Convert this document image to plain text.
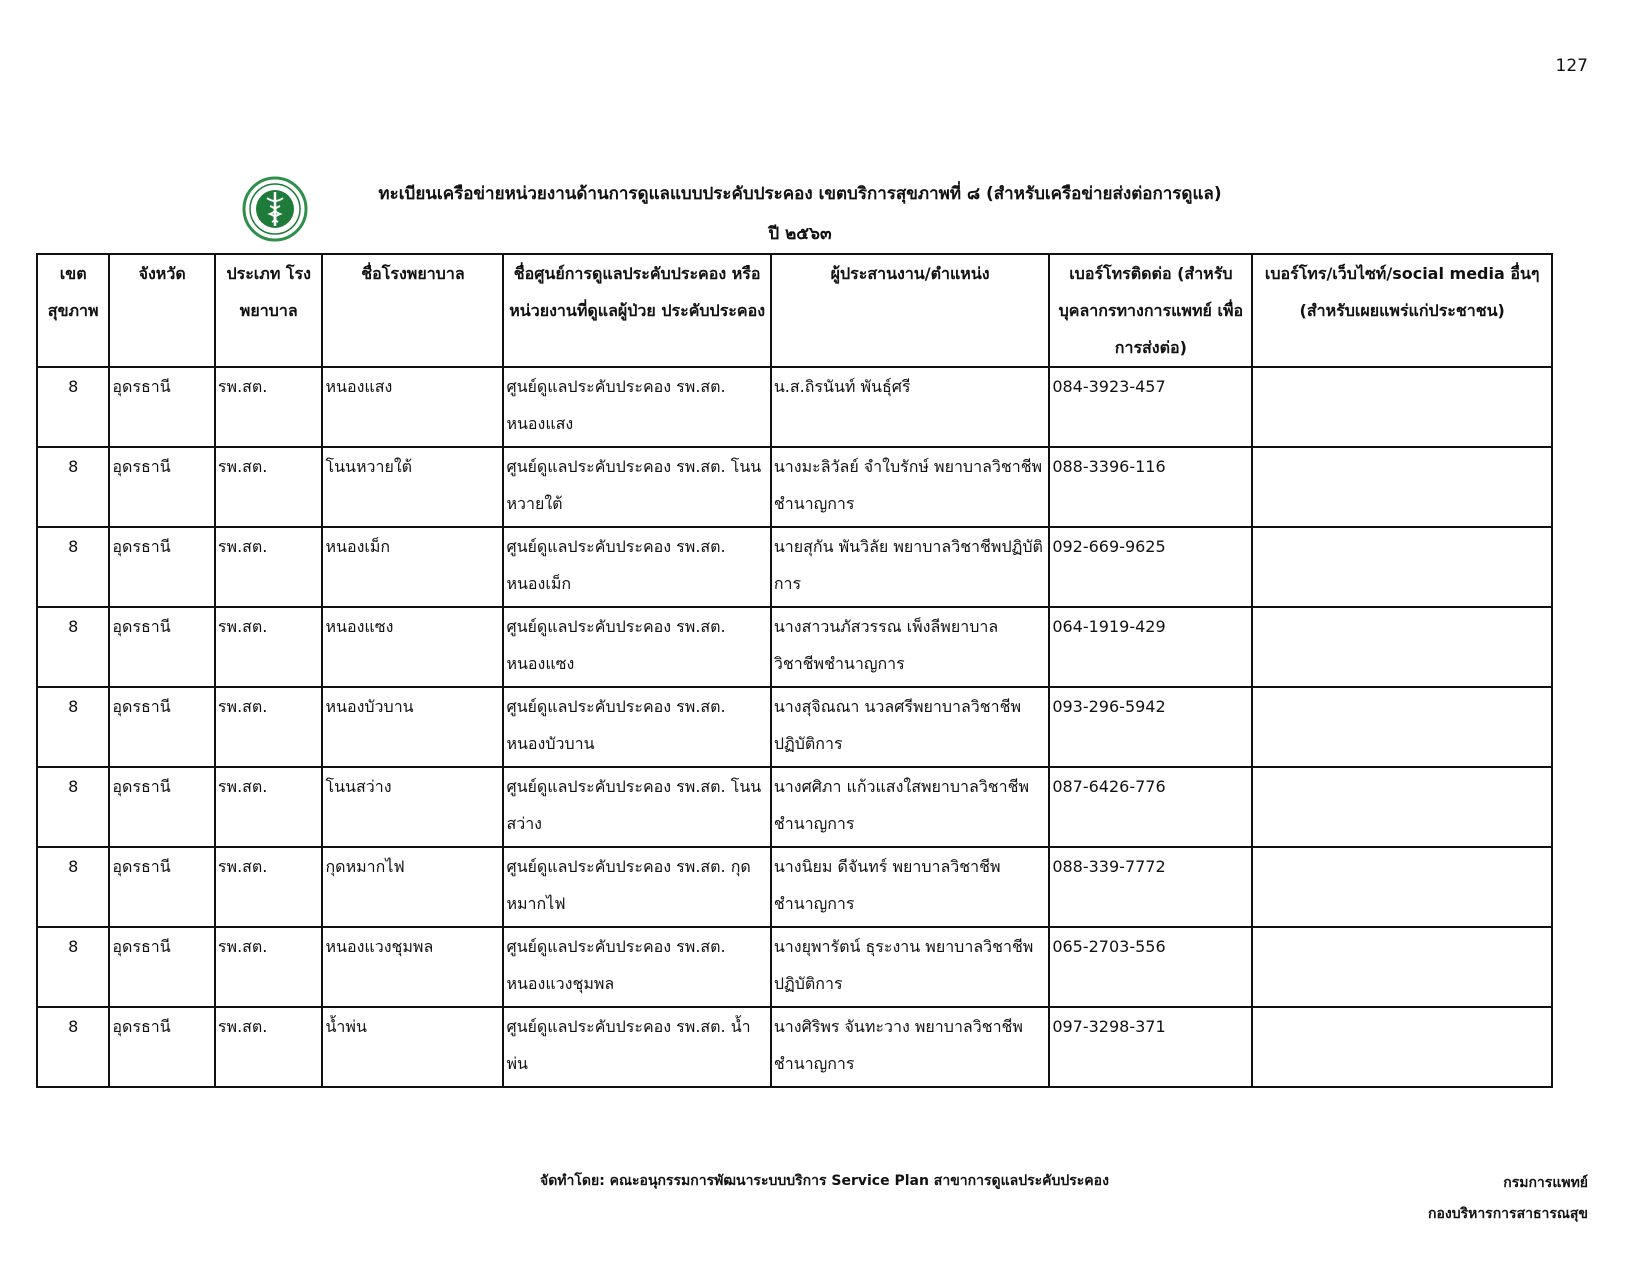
127
ทะเบียนเครือข่ายหน่วยงานด้านการดูแลแบบประคับประคอง เขตบริการสุขภาพที่ ๘ (สำหรับเครือข่ายส่งต่อการดูแล)
ปี ๒๕๖๓
เขต สุขภาพ	จังหวัด	ประเภท โรงพยาบาล	ชื่อโรงพยาบาล	ชื่อศูนย์การดูแลประคับประคอง หรือ หน่วยงานที่ดูแลผู้ป่วย ประคับประคอง	ผู้ประสานงาน/ตำแหน่ง	เบอร์โทรติดต่อ (สำหรับ บุคลากรทางการแพทย์ เพื่อการส่งต่อ)	เบอร์โทร/เว็บไซท์/social media อื่นๆ (สำหรับเผยแพร่แก่ประชาชน)
8	อุดรธานี	รพ.สต.	หนองแสง	ศูนย์ดูแลประคับประคอง รพ.สต. หนองแสง	น.ส.ถิรนันท์ พันธุ์ศรี	084-3923-457	
8	อุดรธานี	รพ.สต.	โนนหวายใต้	ศูนย์ดูแลประคับประคอง รพ.สต. โนนหวายใต้	นางมะลิวัลย์ จำใบรักษ์ พยาบาลวิชาชีพชำนาญการ	088-3396-116	
8	อุดรธานี	รพ.สต.	หนองเม็ก	ศูนย์ดูแลประคับประคอง รพ.สต. หนองเม็ก	นายสุกัน พันวิลัย พยาบาลวิชาชีพปฏิบัติการ	092-669-9625	
8	อุดรธานี	รพ.สต.	หนองแซง	ศูนย์ดูแลประคับประคอง รพ.สต. หนองแซง	นางสาวนภัสวรรณ เพ็งลีพยาบาล วิชาชีพชำนาญการ	064-1919-429	
8	อุดรธานี	รพ.สต.	หนองบัวบาน	ศูนย์ดูแลประคับประคอง รพ.สต. หนองบัวบาน	นางสุจิณณา นวลศรีพยาบาลวิชาชีพ ปฏิบัติการ	093-296-5942	
8	อุดรธานี	รพ.สต.	โนนสว่าง	ศูนย์ดูแลประคับประคอง รพ.สต. โนนสว่าง	นางศศิภา แก้วแสงใสพยาบาลวิชาชีพ ชำนาญการ	087-6426-776	
8	อุดรธานี	รพ.สต.	กุดหมากไฟ	ศูนย์ดูแลประคับประคอง รพ.สต. กุดหมากไฟ	นางนิยม ดีจันทร์ พยาบาลวิชาชีพชำนาญการ	088-339-7772	
8	อุดรธานี	รพ.สต.	หนองแวงชุมพล	ศูนย์ดูแลประคับประคอง รพ.สต. หนองแวงชุมพล	นางยุพารัตน์ ธุระงาน พยาบาลวิชาชีพปฏิบัติการ	065-2703-556	
8	อุดรธานี	รพ.สต.	น้ำพ่น	ศูนย์ดูแลประคับประคอง รพ.สต. น้ำพ่น	นางศิริพร จันทะวาง พยาบาลวิชาชีพชำนาญการ	097-3298-371	
จัดทำโดย: คณะอนุกรรมการพัฒนาระบบบริการ Service Plan สาขาการดูแลประคับประคอง	กรมการแพทย์
กองบริหารการสาธารณสุข
